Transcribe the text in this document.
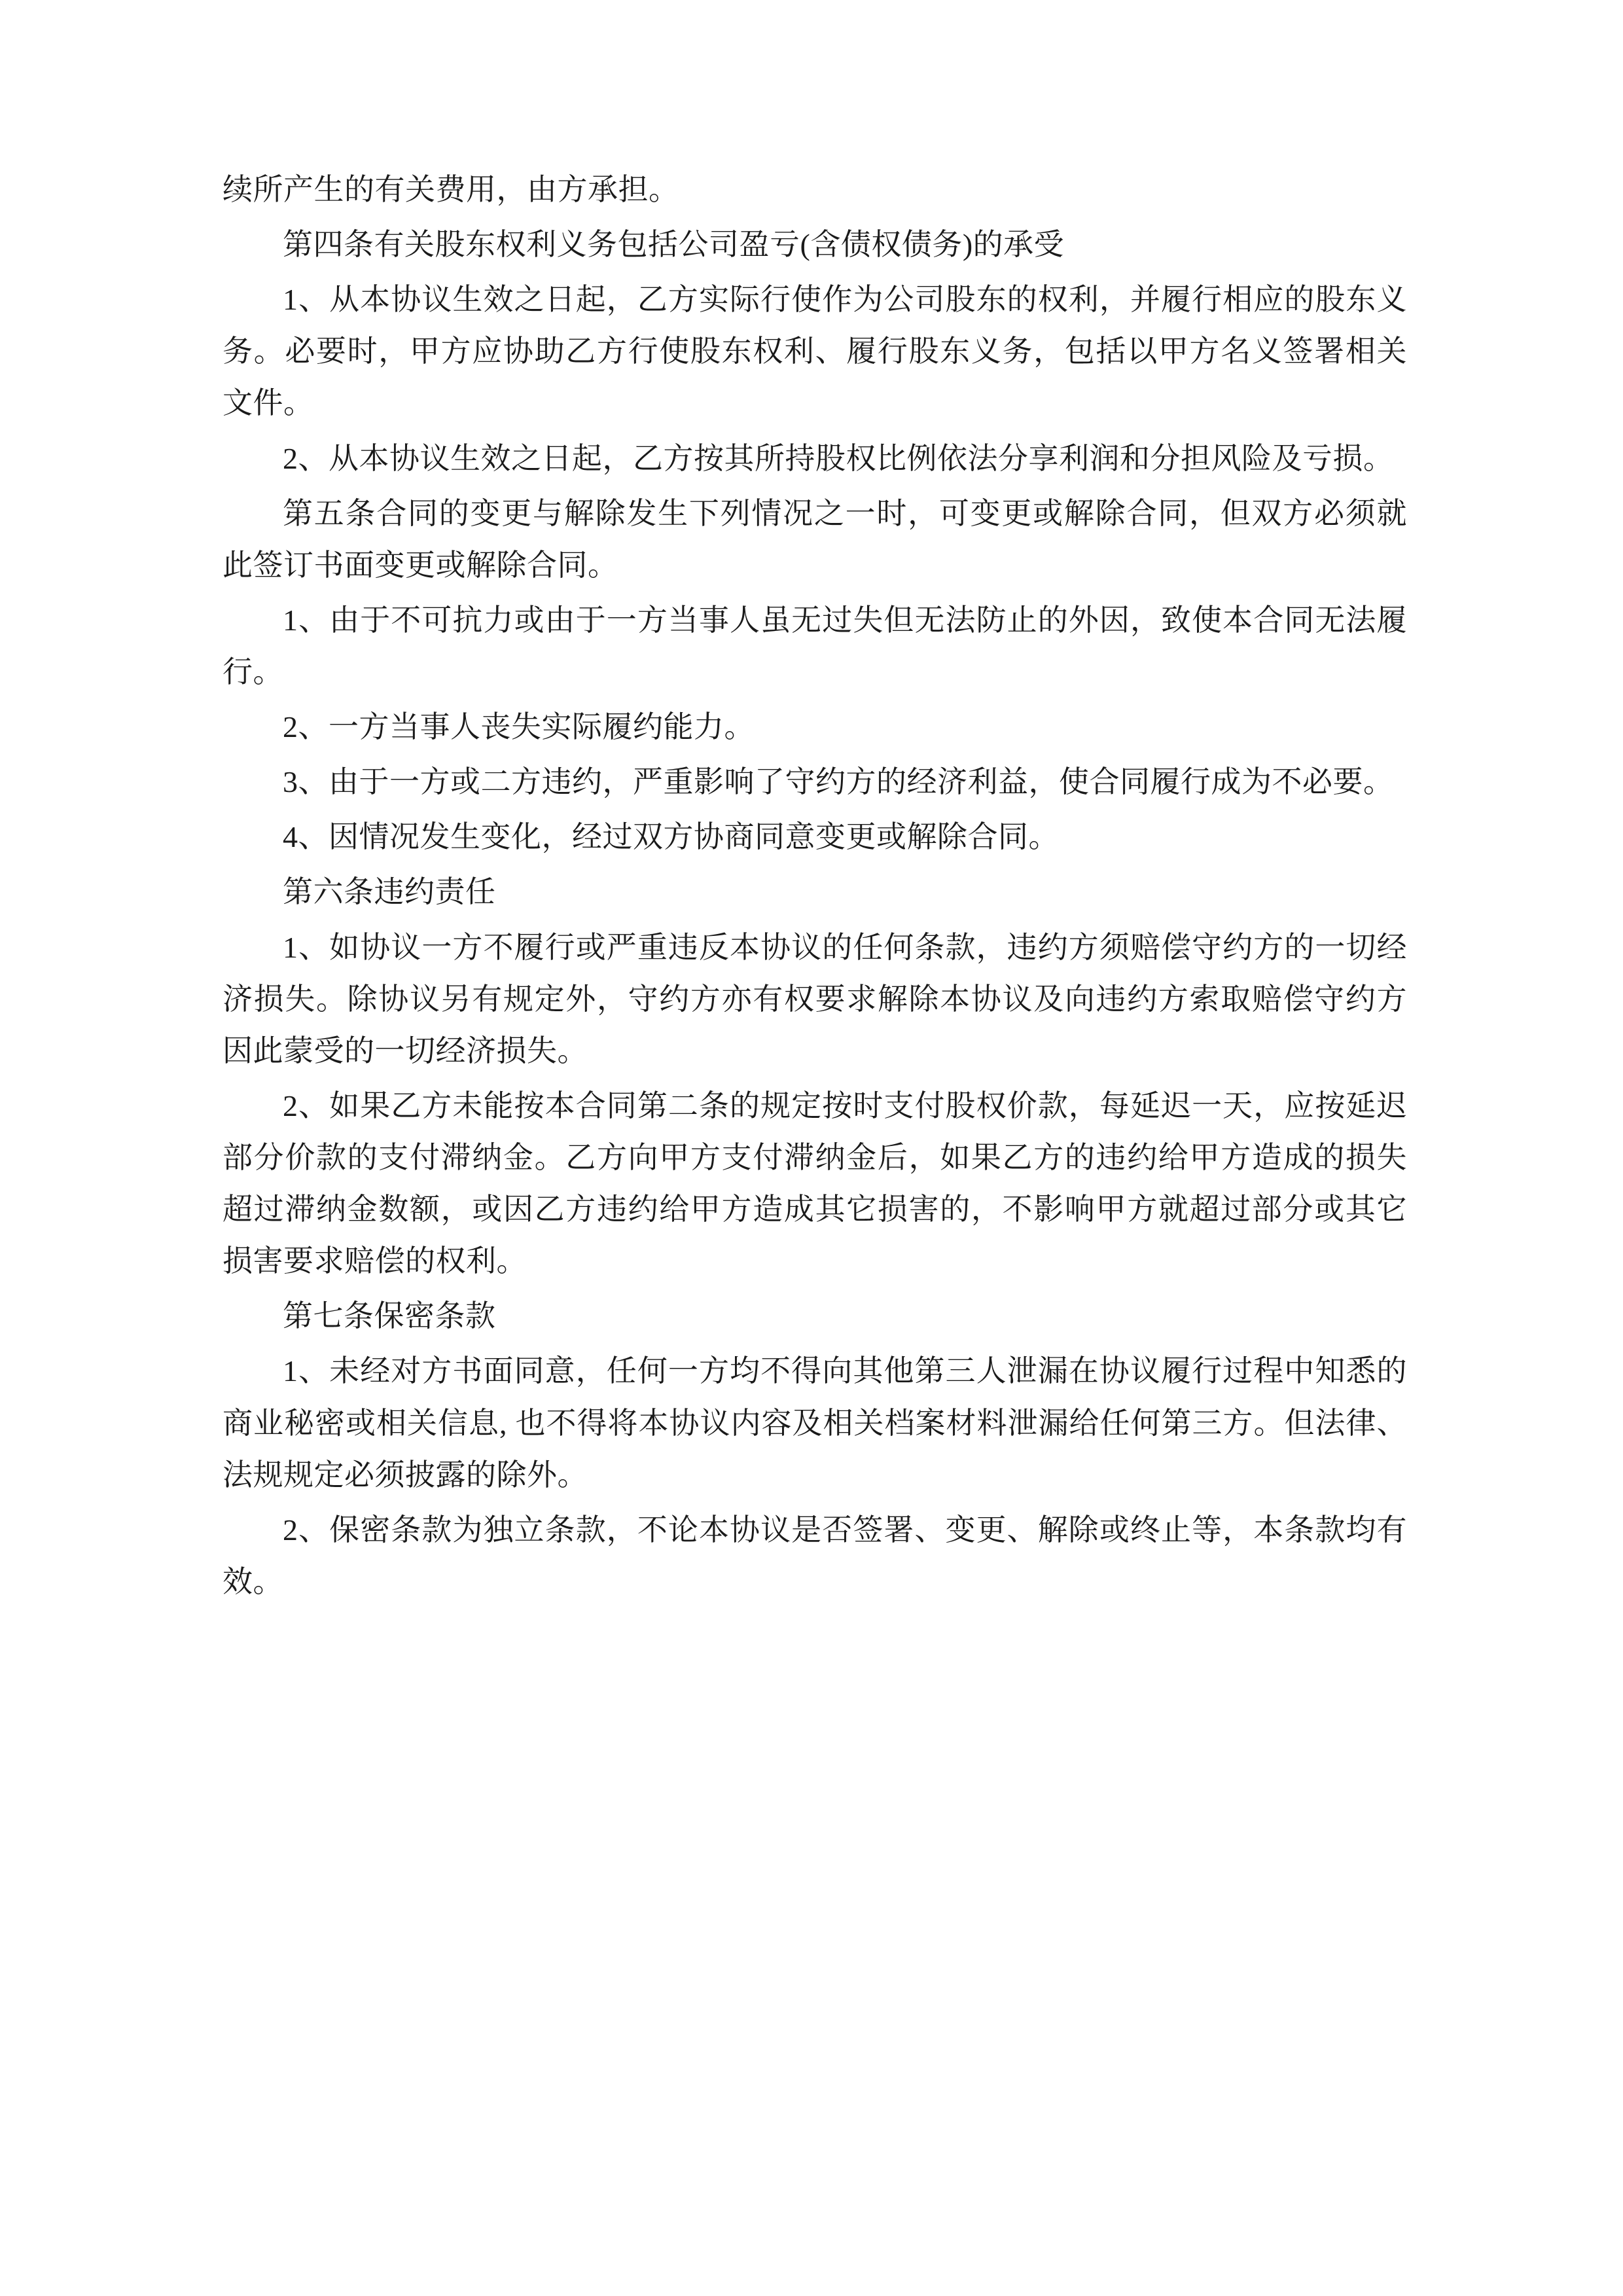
续所产生的有关费用，由方承担。

第四条有关股东权利义务包括公司盈亏(含债权债务)的承受

1、从本协议生效之日起，乙方实际行使作为公司股东的权利，并履行相应的股东义务。必要时，甲方应协助乙方行使股东权利、履行股东义务，包括以甲方名义签署相关文件。

2、从本协议生效之日起，乙方按其所持股权比例依法分享利润和分担风险及亏损。

第五条合同的变更与解除发生下列情况之一时，可变更或解除合同，但双方必须就此签订书面变更或解除合同。

1、由于不可抗力或由于一方当事人虽无过失但无法防止的外因，致使本合同无法履行。

2、一方当事人丧失实际履约能力。

3、由于一方或二方违约，严重影响了守约方的经济利益，使合同履行成为不必要。

4、因情况发生变化，经过双方协商同意变更或解除合同。

第六条违约责任

1、如协议一方不履行或严重违反本协议的任何条款，违约方须赔偿守约方的一切经济损失。除协议另有规定外，守约方亦有权要求解除本协议及向违约方索取赔偿守约方因此蒙受的一切经济损失。

2、如果乙方未能按本合同第二条的规定按时支付股权价款，每延迟一天，应按延迟部分价款的支付滞纳金。乙方向甲方支付滞纳金后，如果乙方的违约给甲方造成的损失超过滞纳金数额，或因乙方违约给甲方造成其它损害的，不影响甲方就超过部分或其它损害要求赔偿的权利。

第七条保密条款

1、未经对方书面同意，任何一方均不得向其他第三人泄漏在协议履行过程中知悉的商业秘密或相关信息, 也不得将本协议内容及相关档案材料泄漏给任何第三方。但法律、法规规定必须披露的除外。

2、保密条款为独立条款，不论本协议是否签署、变更、解除或终止等，本条款均有效。
